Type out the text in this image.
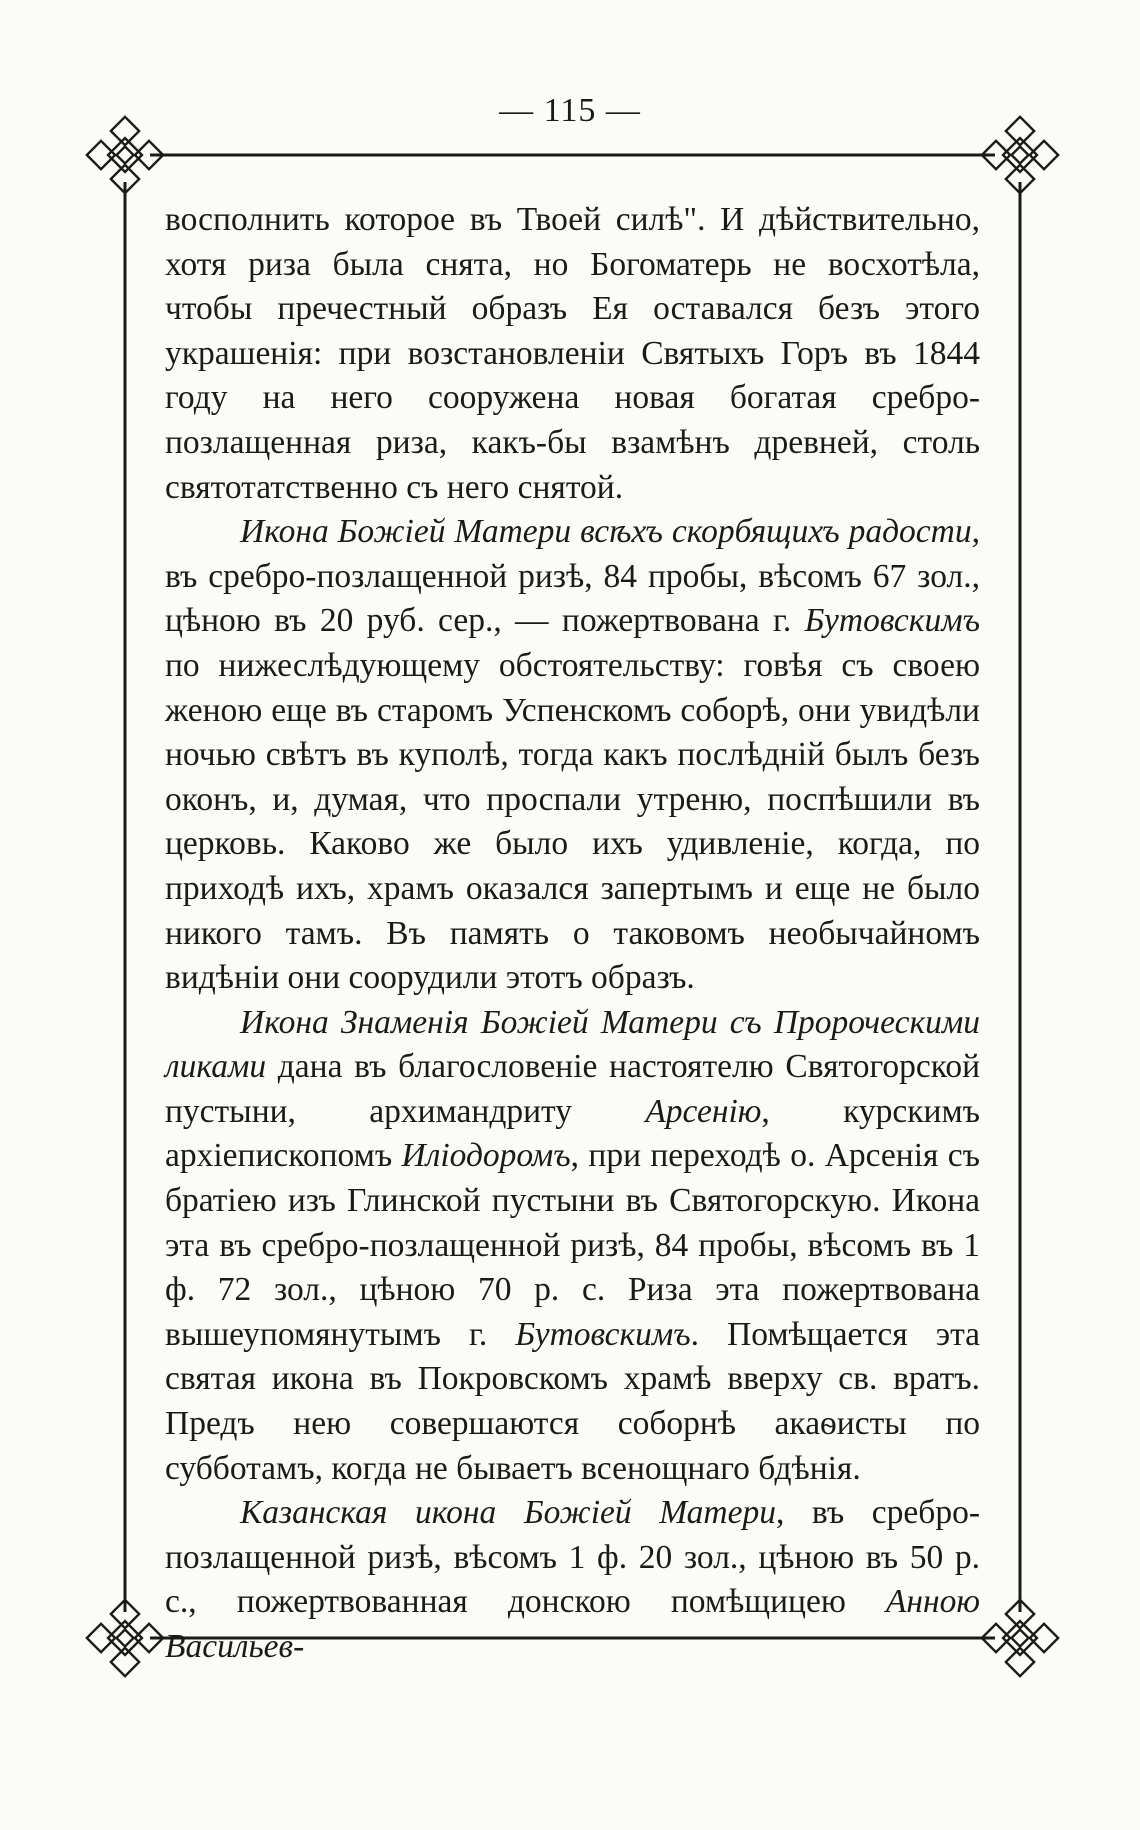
— 115 —

восполнить которое въ Твоей силѣ". И дѣйствительно, хотя риза была снята, но Богоматерь не восхотѣла, чтобы пречестный образъ Ея оставался безъ этого украшенія: при возстановленіи Святыхъ Горъ въ 1844 году на него сооружена новая богатая сребро-позлащенная риза, какъ-бы взамѣнъ древней, столь святотатственно съ него снятой.

Икона Божіей Матери всѣхъ скорбящихъ радости, въ сребро-позлащенной ризѣ, 84 пробы, вѣсомъ 67 зол., цѣною въ 20 руб. сер., — пожертвована г. Бутовскимъ по нижеслѣдующему обстоятельству: говѣя съ своею женою еще въ старомъ Успенскомъ соборѣ, они увидѣли ночью свѣтъ въ куполѣ, тогда какъ послѣдній былъ безъ оконъ, и, думая, что проспали утреню, поспѣшили въ церковь. Каково же было ихъ удивленіе, когда, по приходѣ ихъ, храмъ оказался запертымъ и еще не было никого тамъ. Въ память о таковомъ необычайномъ видѣніи они соорудили этотъ образъ.

Икона Знаменія Божіей Матери съ Пророческими ликами дана въ благословеніе настоятелю Святогорской пустыни, архимандриту Арсенію, курскимъ архіепископомъ Иліодоромъ, при переходѣ о. Арсенія съ братіею изъ Глинской пустыни въ Святогорскую. Икона эта въ сребро-позлащенной ризѣ, 84 пробы, вѣсомъ въ 1 ф. 72 зол., цѣною 70 р. с. Риза эта пожертвована вышеупомянутымъ г. Бутовскимъ. Помѣщается эта святая икона въ Покровскомъ храмѣ вверху св. вратъ. Предъ нею совершаются соборнѣ акаѳисты по субботамъ, когда не бываетъ всенощнаго бдѣнія.

Казанская икона Божіей Матери, въ сребро-позлащенной ризѣ, вѣсомъ 1 ф. 20 зол., цѣною въ 50 р. с., пожертвованная донскою помѣщицею Анною Васильев-
